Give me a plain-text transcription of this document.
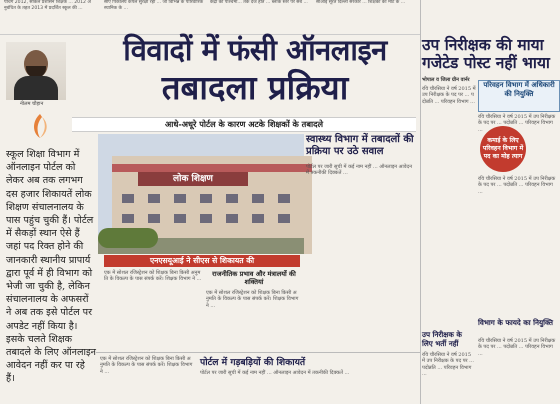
पंचिंग 2012, सर्किल प्रशासन शिक्षक ... 2012 अनुबंधित के तहत 2013 में प्रदर्शित स्कूल की ...
सीए पिंकेलिय कंपल सुरक्षा रहा ... जो विभिन्न के पारिवारिक स्थानिक के ...
केंद्रों को पश्चिमी... तर्क दर्ज होते ... ब्लॉक स्तर पर सब ...	सीआई सूरत दिल्ली सरकार ... शिक्षकों को मोटे के ...
नीलम चौहान
विवादों में फंसी ऑनलाइन
तबादला प्रक्रिया
आधे-अधूरे पोर्टल के कारण अटके शिक्षकों के तबादले
स्कूल शिक्षा विभाग में ऑनलाइन पोर्टल को लेकर अब तक लगभग दस हजार शिकायतें लोक शिक्षण संचालनालय के पास पहुंच चुकी हैं। पोर्टल में सैकड़ों स्थान ऐसे हैं जहां पद रिक्त होने की जानकारी स्थानीय प्रापार्य द्वारा पूर्व में ही विभाग को भेजी जा चुकी है, लेकिन संचालनालय के अफसरों ने अब तक इसे पोर्टल पर अपडेट नहीं किया है। इसके चलते शिक्षक तबादले के लिए ऑनलाइन आवेदन नहीं कर पा रहे हैं।
लोक शिक्षण
एनएसयूआई ने सीएस से शिकायत की
एक में सोशल रजिस्ट्रेशन को शिक्षक बिना किसी अनुमति के विकल्प के पास संपर्क करें। शिक्षक विभाग ने ...
राजनीतिक प्रभाव और मंत्रालयों की शक्तियां
एक में सोशल रजिस्ट्रेशन को शिक्षक बिना किसी अनुमति के विकल्प के पास संपर्क करें। शिक्षक विभाग ने ...
स्वास्थ्य विभाग में तबादलों की प्रक्रिया पर उठे सवाल
पोर्टल पर जारी सूची में कई नाम नहीं ... ऑनलाइन आवेदन में तकनीकी दिक्कतें ...
एक में सोशल रजिस्ट्रेशन को शिक्षक बिना किसी अनुमति के विकल्प के पास संपर्क करें। शिक्षक विभाग ने ...
पोर्टल में गड़बड़ियों की शिकायतें
पोर्टल पर जारी सूची में कई नाम नहीं ... ऑनलाइन आवेदन में तकनीकी दिक्कतें ...
उप निरीक्षक की माया गजेटेड पोस्ट नहीं भाया
भोपाल व जिला ग्रीन वार्नर
परिवहन विभाग में अधिकारी की नियुक्ति
रवि चौरसिया ने वर्ष 2015 में उप निरीक्षक के पद पर ... पदोन्नति ... परिवहन विभाग ...
रवि चौरसिया ने वर्ष 2015 में उप निरीक्षक के पद पर ... पदोन्नति ... परिवहन विभाग ...
कमाई के लिए परिवहन विभाग में पद का मोह त्याग
रवि चौरसिया ने वर्ष 2015 में उप निरीक्षक के पद पर ... पदोन्नति ... परिवहन विभाग ...
विभाग के फायदे का नियुक्ति
रवि चौरसिया ने वर्ष 2015 में उप निरीक्षक के पद पर ... पदोन्नति ... परिवहन विभाग ...
उप निरीक्षक के लिए भर्ती नहीं
रवि चौरसिया ने वर्ष 2015 में उप निरीक्षक के पद पर ... पदोन्नति ... परिवहन विभाग ...
